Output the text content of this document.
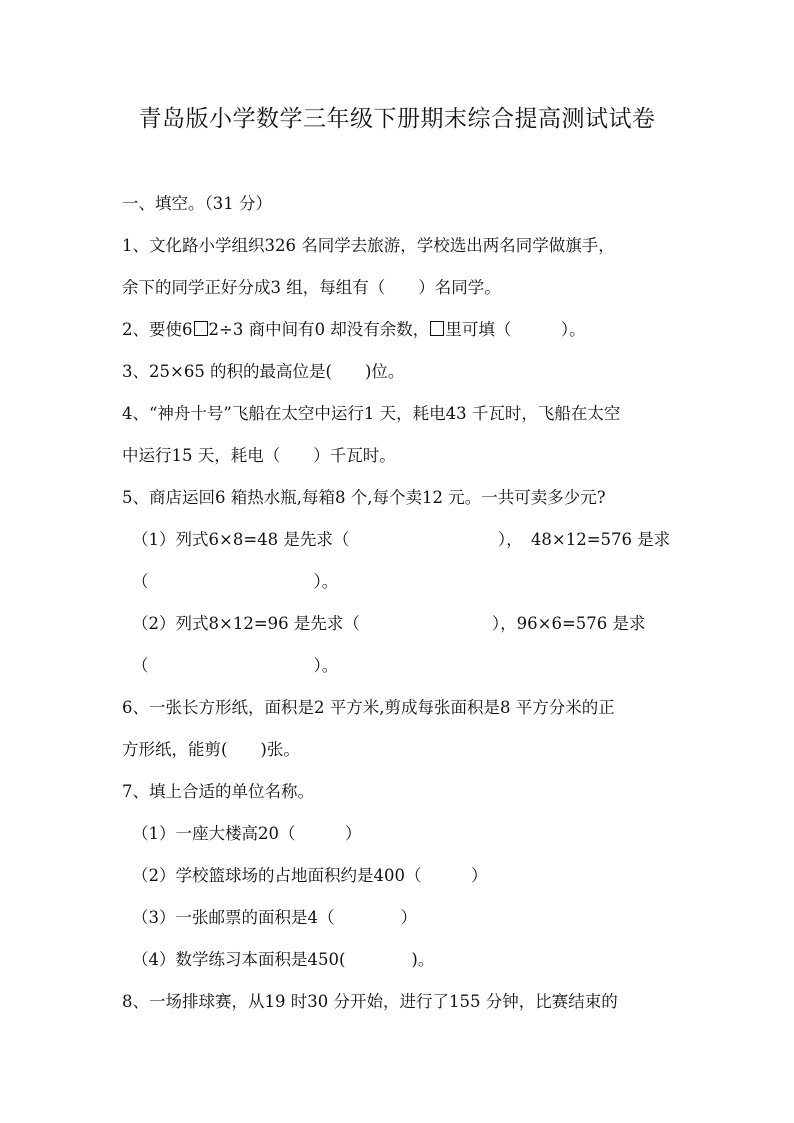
青岛版小学数学三年级下册期末综合提高测试试卷
一、填空。（31 分）
1、文化路小学组织326 名同学去旅游，学校选出两名同学做旗手，
余下的同学正好分成3 组，每组有（　　）名同学。
2、要使6 2÷3 商中间有0 却没有余数， 里可填（　　　）。
3、25×65 的积的最高位是(　　)位。
4、“神舟十号”飞船在太空中运行1 天，耗电43 千瓦时，飞船在太空
中运行15 天，耗电（　　）千瓦时。
5、商店运回6 箱热水瓶,每箱8 个,每个卖12 元。一共可卖多少元?
（1）列式6×8=48 是先求（　　　　　　　　　），　48×12=576 是求
（　　　　　　　　　　）。
（2）列式8×12=96 是先求（　　　　　　　　），96×6=576 是求
（　　　　　　　　　　）。
6、一张长方形纸，面积是2 平方米,剪成每张面积是8 平方分米的正
方形纸，能剪(　　)张。
7、填上合适的单位名称。
（1）一座大楼高20（　　　）
（2）学校篮球场的占地面积约是400（　　　）
（3）一张邮票的面积是4（　　　　）
（4）数学练习本面积是450(　　　　)。
8、一场排球赛，从19 时30 分开始，进行了155 分钟，比赛结束的
